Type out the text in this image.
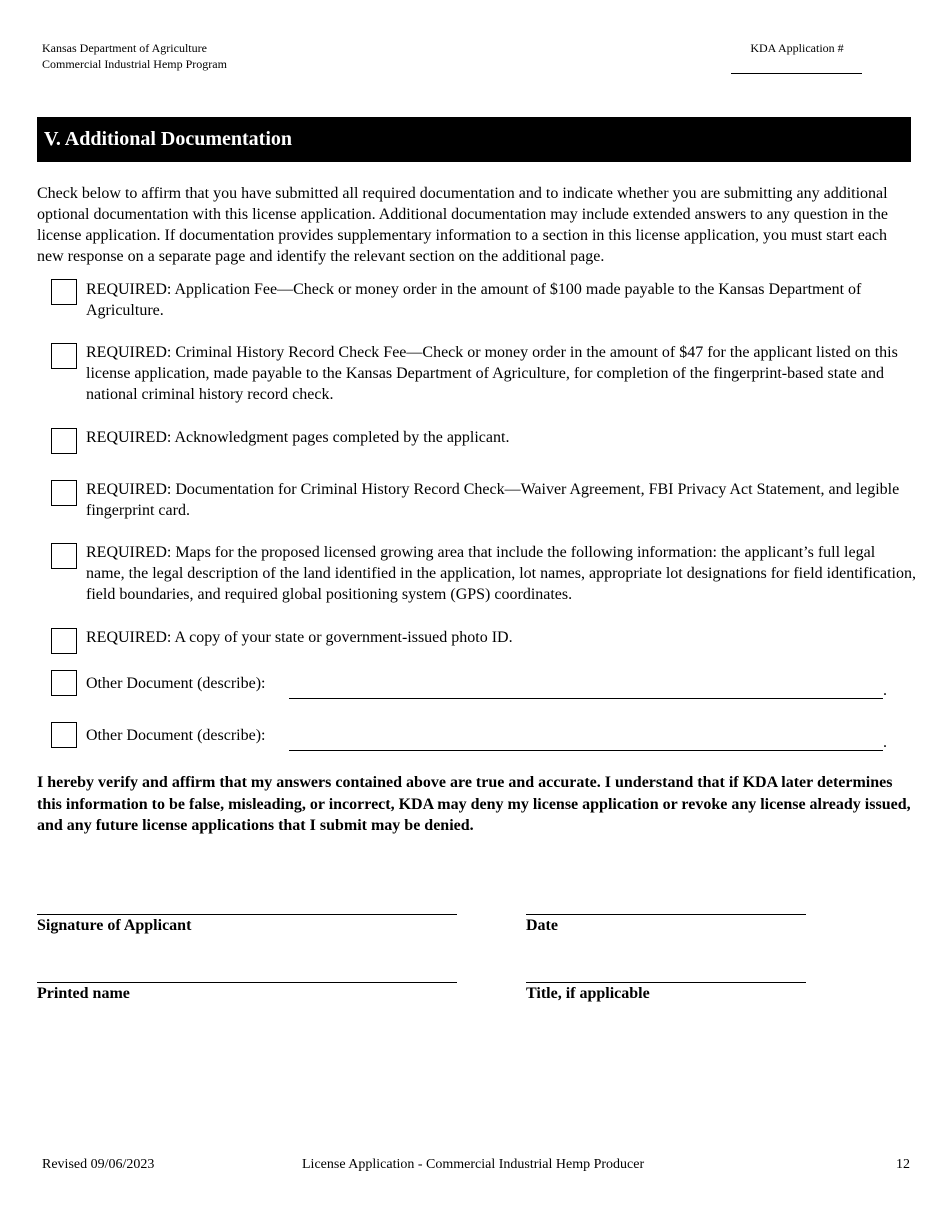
Kansas Department of Agriculture
Commercial Industrial Hemp Program
KDA Application #
V. Additional Documentation
Check below to affirm that you have submitted all required documentation and to indicate whether you are submitting any additional optional documentation with this license application. Additional documentation may include extended answers to any question in the license application. If documentation provides supplementary information to a section in this license application, you must start each new response on a separate page and identify the relevant section on the additional page.
REQUIRED: Application Fee—Check or money order in the amount of $100 made payable to the Kansas Department of Agriculture.
REQUIRED: Criminal History Record Check Fee—Check or money order in the amount of $47 for the applicant listed on this license application, made payable to the Kansas Department of Agriculture, for completion of the fingerprint-based state and national criminal history record check.
REQUIRED: Acknowledgment pages completed by the applicant.
REQUIRED: Documentation for Criminal History Record Check—Waiver Agreement, FBI Privacy Act Statement, and legible fingerprint card.
REQUIRED: Maps for the proposed licensed growing area that include the following information: the applicant’s full legal name, the legal description of the land identified in the application, lot names, appropriate lot designations for field identification, field boundaries, and required global positioning system (GPS) coordinates.
REQUIRED: A copy of your state or government-issued photo ID.
Other Document (describe):	.
Other Document (describe):	.
I hereby verify and affirm that my answers contained above are true and accurate. I understand that if KDA later determines this information to be false, misleading, or incorrect, KDA may deny my license application or revoke any license already issued, and any future license applications that I submit may be denied.
Signature of Applicant	Date
Printed name	Title, if applicable
Revised 09/06/2023	License Application - Commercial Industrial Hemp Producer	12
